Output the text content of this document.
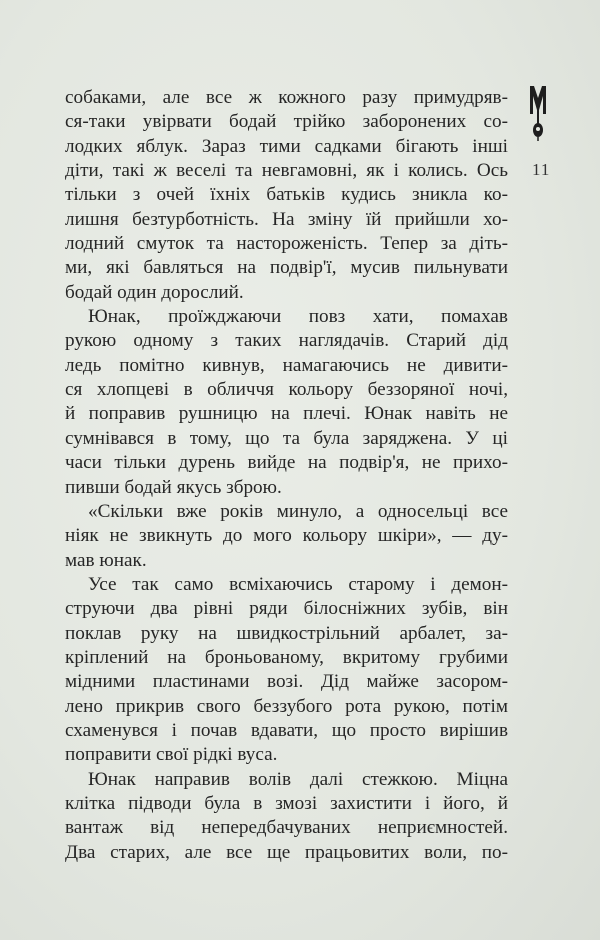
11
собаками, але все ж кожного разу примудряв-
ся-таки увірвати бодай трійко заборонених со-
лодких яблук. Зараз тими садками бігають інші
діти, такі ж веселі та невгамовні, як і колись. Ось
тільки з очей їхніх батьків кудись зникла ко-
лишня безтурботність. На зміну їй прийшли хо-
лодний смуток та настороженість. Тепер за діть-
ми, які бавляться на подвір'ї, мусив пильнувати
бодай один дорослий.
Юнак, проїжджаючи повз хати, помахав
рукою одному з таких наглядачів. Старий дід
ледь помітно кивнув, намагаючись не дивити-
ся хлопцеві в обличчя кольору беззоряної ночі,
й поправив рушницю на плечі. Юнак навіть не
сумнівався в тому, що та була заряджена. У ці
часи тільки дурень вийде на подвір'я, не прихо-
пивши бодай якусь зброю.
«Скільки вже років минуло, а односельці все
ніяк не звикнуть до мого кольору шкіри», — ду-
мав юнак.
Усе так само всміхаючись старому і демон-
струючи два рівні ряди білосніжних зубів, він
поклав руку на швидкострільний арбалет, за-
кріплений на броньованому, вкритому грубими
мідними пластинами возі. Дід майже засором-
лено прикрив свого беззубого рота рукою, потім
схаменувся і почав вдавати, що просто вирішив
поправити свої рідкі вуса.
Юнак направив волів далі стежкою. Міцна
клітка підводи була в змозі захистити і його, й
вантаж від непередбачуваних неприємностей.
Два старих, але все ще працьовитих воли, по-
